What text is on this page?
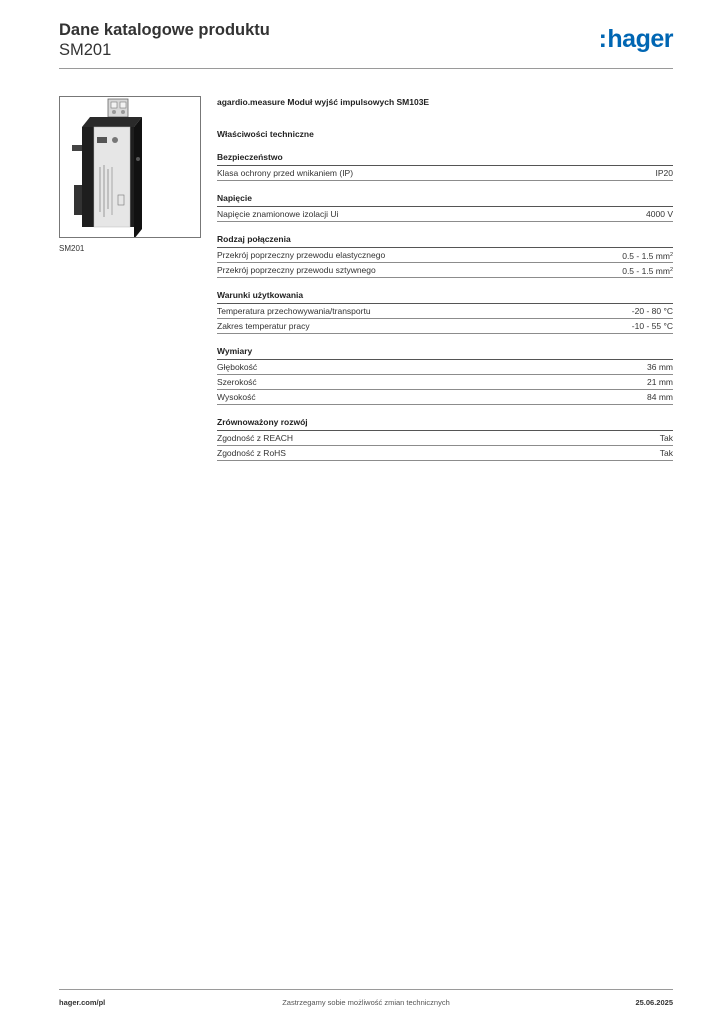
Dane katalogowe produktu
SM201	:hager
SM201
agardio.measure Moduł wyjść impulsowych SM103E
Właściwości techniczne
Bezpieczeństwo
Klasa ochrony przed wnikaniem (IP)	IP20
Napięcie
Napięcie znamionowe izolacji Ui	4000 V
Rodzaj połączenia
Przekrój poprzeczny przewodu elastycznego	0.5 - 1.5 $mm^2$
Przekrój poprzeczny przewodu sztywnego	0.5 - 1.5 $mm^2$
Warunki użytkowania
Temperatura przechowywania/transportu	-20 - 80 °C
Zakres temperatur pracy	-10 - 55 °C
Wymiary
Głębokość	36 mm
Szerokość	21 mm
Wysokość	84 mm
Zrównoważony rozwój
Zgodność z REACH	Tak
Zgodność z RoHS	Tak
hager.com/pl	Zastrzegamy sobie możliwość zmian technicznych	25.06.2025
